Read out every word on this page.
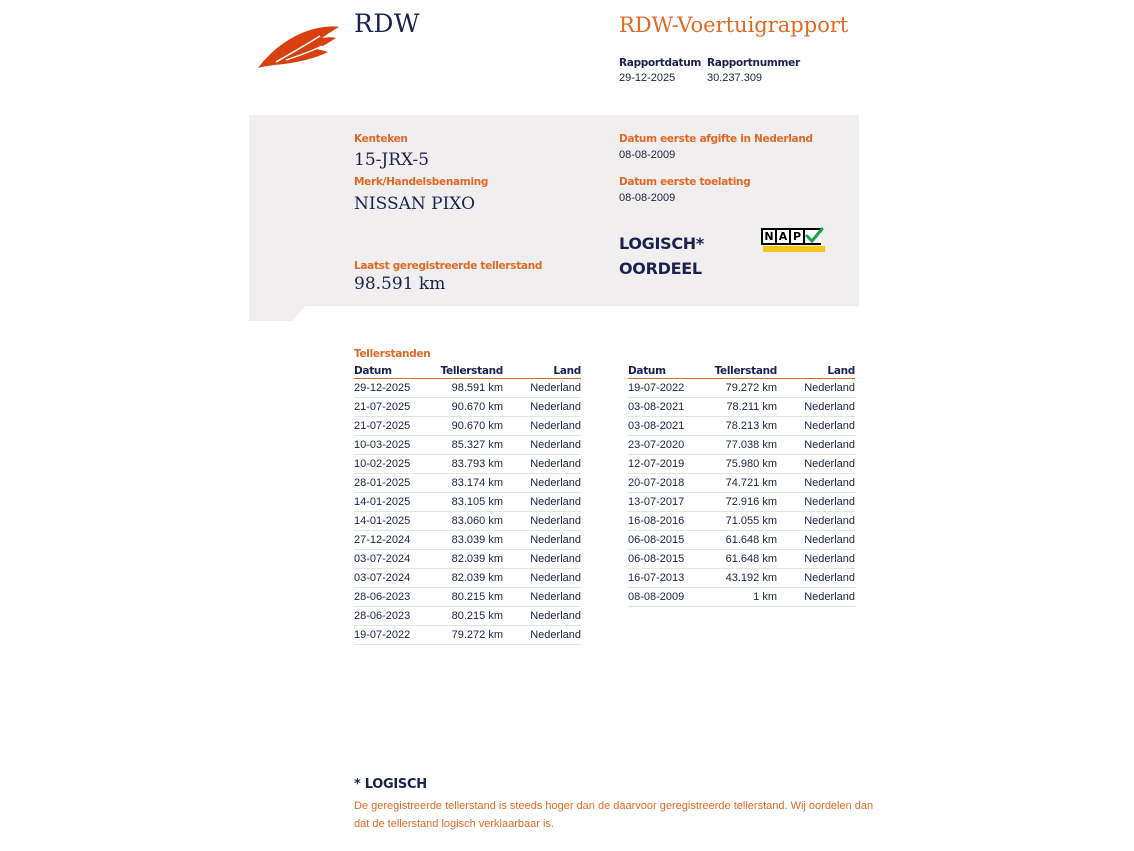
RDW	RDW-Voertuigrapport
Rapportdatum
29-12-2025
Rapportnummer
30.237.309
Kenteken
15-JRX-5
Merk/Handelsbenaming
NISSAN PIXO
Datum eerste afgifte in Nederland
08-08-2009
Datum eerste toelating
08-08-2009
Laatst geregistreerde tellerstand
98.591 km
LOGISCH*
OORDEEL
N A P
Tellerstanden
Datum	Tellerstand	Land
29-12-2025	98.591 km	Nederland
21-07-2025	90.670 km	Nederland
21-07-2025	90.670 km	Nederland
10-03-2025	85.327 km	Nederland
10-02-2025	83.793 km	Nederland
28-01-2025	83.174 km	Nederland
14-01-2025	83.105 km	Nederland
14-01-2025	83.060 km	Nederland
27-12-2024	83.039 km	Nederland
03-07-2024	82.039 km	Nederland
03-07-2024	82.039 km	Nederland
28-06-2023	80.215 km	Nederland
28-06-2023	80.215 km	Nederland
19-07-2022	79.272 km	Nederland
Datum	Tellerstand	Land
19-07-2022	79.272 km	Nederland
03-08-2021	78.211 km	Nederland
03-08-2021	78.213 km	Nederland
23-07-2020	77.038 km	Nederland
12-07-2019	75.980 km	Nederland
20-07-2018	74.721 km	Nederland
13-07-2017	72.916 km	Nederland
16-08-2016	71.055 km	Nederland
06-08-2015	61.648 km	Nederland
06-08-2015	61.648 km	Nederland
16-07-2013	43.192 km	Nederland
08-08-2009	1 km	Nederland
* LOGISCH
De geregistreerde tellerstand is steeds hoger dan de daarvoor geregistreerde tellerstand. Wij oordelen dan dat de tellerstand logisch verklaarbaar is.
